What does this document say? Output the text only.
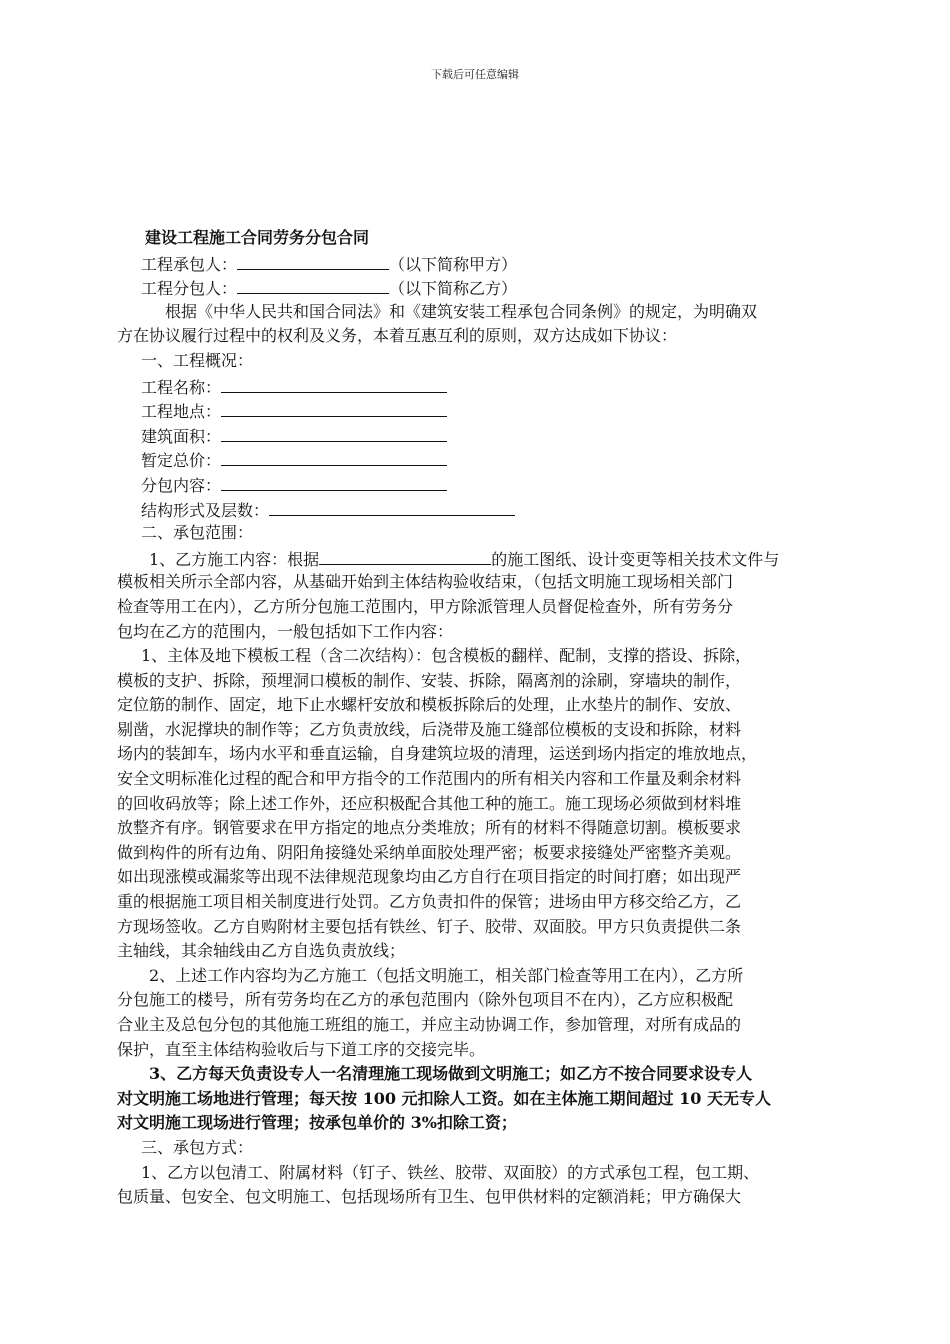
下载后可任意编辑
建设工程施工合同劳务分包合同
工程承包人：	（以下简称甲方）
工程分包人：	（以下简称乙方）
根据《中华人民共和国合同法》和《建筑安装工程承包合同条例》的规定，为明确双
方在协议履行过程中的权利及义务，本着互惠互利的原则，双方达成如下协议：
一、工程概况：
工程名称：
工程地点：
建筑面积：
暂定总价：
分包内容：
结构形式及层数：
二、承包范围：
1、乙方施工内容：根据	的施工图纸、设计变更等相关技术文件与
模板相关所示全部内容，从基础开始到主体结构验收结束，（包括文明施工现场相关部门
检查等用工在内），乙方所分包施工范围内，甲方除派管理人员督促检查外，所有劳务分
包均在乙方的范围内，一般包括如下工作内容：
1、主体及地下模板工程（含二次结构）：包含模板的翻样、配制，支撑的搭设、拆除，
模板的支护、拆除，预埋洞口模板的制作、安装、拆除，隔离剂的涂刷，穿墙块的制作，
定位筋的制作、固定，地下止水螺杆安放和模板拆除后的处理，止水垫片的制作、安放、
剔凿，水泥撑块的制作等；乙方负责放线，后浇带及施工缝部位模板的支设和拆除，材料
场内的装卸车，场内水平和垂直运输，自身建筑垃圾的清理，运送到场内指定的堆放地点，
安全文明标准化过程的配合和甲方指令的工作范围内的所有相关内容和工作量及剩余材料
的回收码放等；除上述工作外，还应积极配合其他工种的施工。施工现场必须做到材料堆
放整齐有序。钢管要求在甲方指定的地点分类堆放；所有的材料不得随意切割。模板要求
做到构件的所有边角、阴阳角接缝处采纳单面胶处理严密；板要求接缝处严密整齐美观。
如出现涨模或漏浆等出现不法律规范现象均由乙方自行在项目指定的时间打磨；如出现严
重的根据施工项目相关制度进行处罚。乙方负责扣件的保管；进场由甲方移交给乙方，乙
方现场签收。乙方自购附材主要包括有铁丝、钉子、胶带、双面胶。甲方只负责提供二条
主轴线，其余轴线由乙方自选负责放线；
2、上述工作内容均为乙方施工（包括文明施工，相关部门检查等用工在内），乙方所
分包施工的楼号，所有劳务均在乙方的承包范围内（除外包项目不在内），乙方应积极配
合业主及总包分包的其他施工班组的施工，并应主动协调工作，参加管理，对所有成品的
保护，直至主体结构验收后与下道工序的交接完毕。
3、乙方每天负责设专人一名清理施工现场做到文明施工；如乙方不按合同要求设专人
对文明施工场地进行管理；每天按 100 元扣除人工资。如在主体施工期间超过 10 天无专人
对文明施工现场进行管理；按承包单价的 3%扣除工资；
三、承包方式：
1、乙方以包清工、附属材料（钉子、铁丝、胶带、双面胶）的方式承包工程，包工期、
包质量、包安全、包文明施工、包括现场所有卫生、包甲供材料的定额消耗；甲方确保大
